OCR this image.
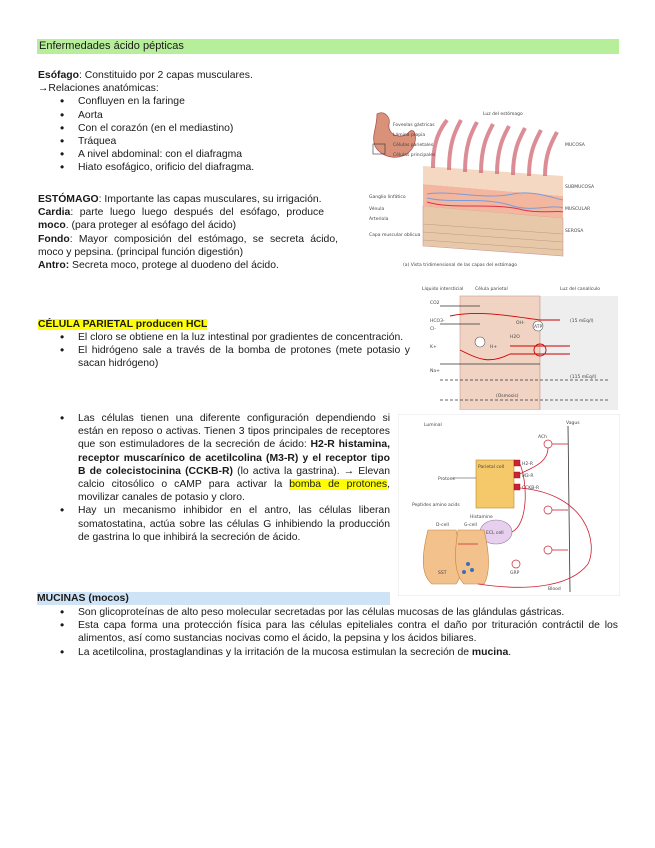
Enfermedades ácido pépticas
Esófago: Constituido por 2 capas musculares.
→Relaciones anatómicas:
• Confluyen en la faringe
• Aorta
• Con el corazón (en el mediastino)
• Tráquea
• A nivel abdominal: con el diafragma
• Hiato esofágico, orificio del diafragma.
ESTÓMAGO: Importante las capas musculares, su irrigación.
Cardia: parte luego luego después del esófago, produce moco. (para proteger al esófago del ácido)
Fondo: Mayor composición del estómago, se secreta ácido, moco y pepsina. (principal función digestión)
Antro: Secreta moco, protege al duodeno del ácido.
CÉLULA PARIETAL producen HCL
• El cloro se obtiene en la luz intestinal por gradientes de concentración.
• El hidrógeno sale a través de la bomba de protones (mete potasio y sacan hidrógeno)
• Las células tienen una diferente configuración dependiendo si están en reposo o activas. Tienen 3 tipos principales de receptores que son estimuladores de la secreción de ácido: H2-R histamina, receptor muscarínico de acetilcolina (M3-R) y el receptor tipo B de colecistocinina (CCKB-R) (lo activa la gastrina). → Elevan calcio citosólico o cAMP para activar la bomba de protones, movilizar canales de potasio y cloro.
• Hay un mecanismo inhibidor en el antro, las células liberan somatostatina, actúa sobre las células G inhibiendo la producción de gastrina lo que inhibirá la secreción de ácido.
MUCINAS (mocos)
• Son glicoproteínas de alto peso molecular secretadas por las células mucosas de las glándulas gástricas.
• Esta capa forma una protección física para las células epiteliales contra el daño por trituración contráctil de los alimentos, así como sustancias nocivas como el ácido, la pepsina y los ácidos biliares.
• La acetilcolina, prostaglandinas y la irritación de la mucosa estimulan la secreción de mucina.
(a) Vista tridimensional de las capas del estómago
MUCOSA
SUBMUCOSA
MUSCULAR
SEROSA
Luz del estómago
Foveolas gástricas
Lámina propia
Células parietales
Células principales
Ganglio linfático
Vénula
Arteriola
Capa muscular oblicua
Líquido intersticial	Célula parietal	Luz del canalículo
CO2
HCO3-
Cl-
H2O
OH-
H+
K+
Na+
(Osmosis)
(15 mEq/l)
(115 mEq/l)
ATP
Luminal	Vagus
Parietal cell
Protons
H2-R
M3-R
CCKB-R
ECL cell
Histamine
D-cell	G-cell
Peptides amino acids
SST	GRP
Blood
ACh
